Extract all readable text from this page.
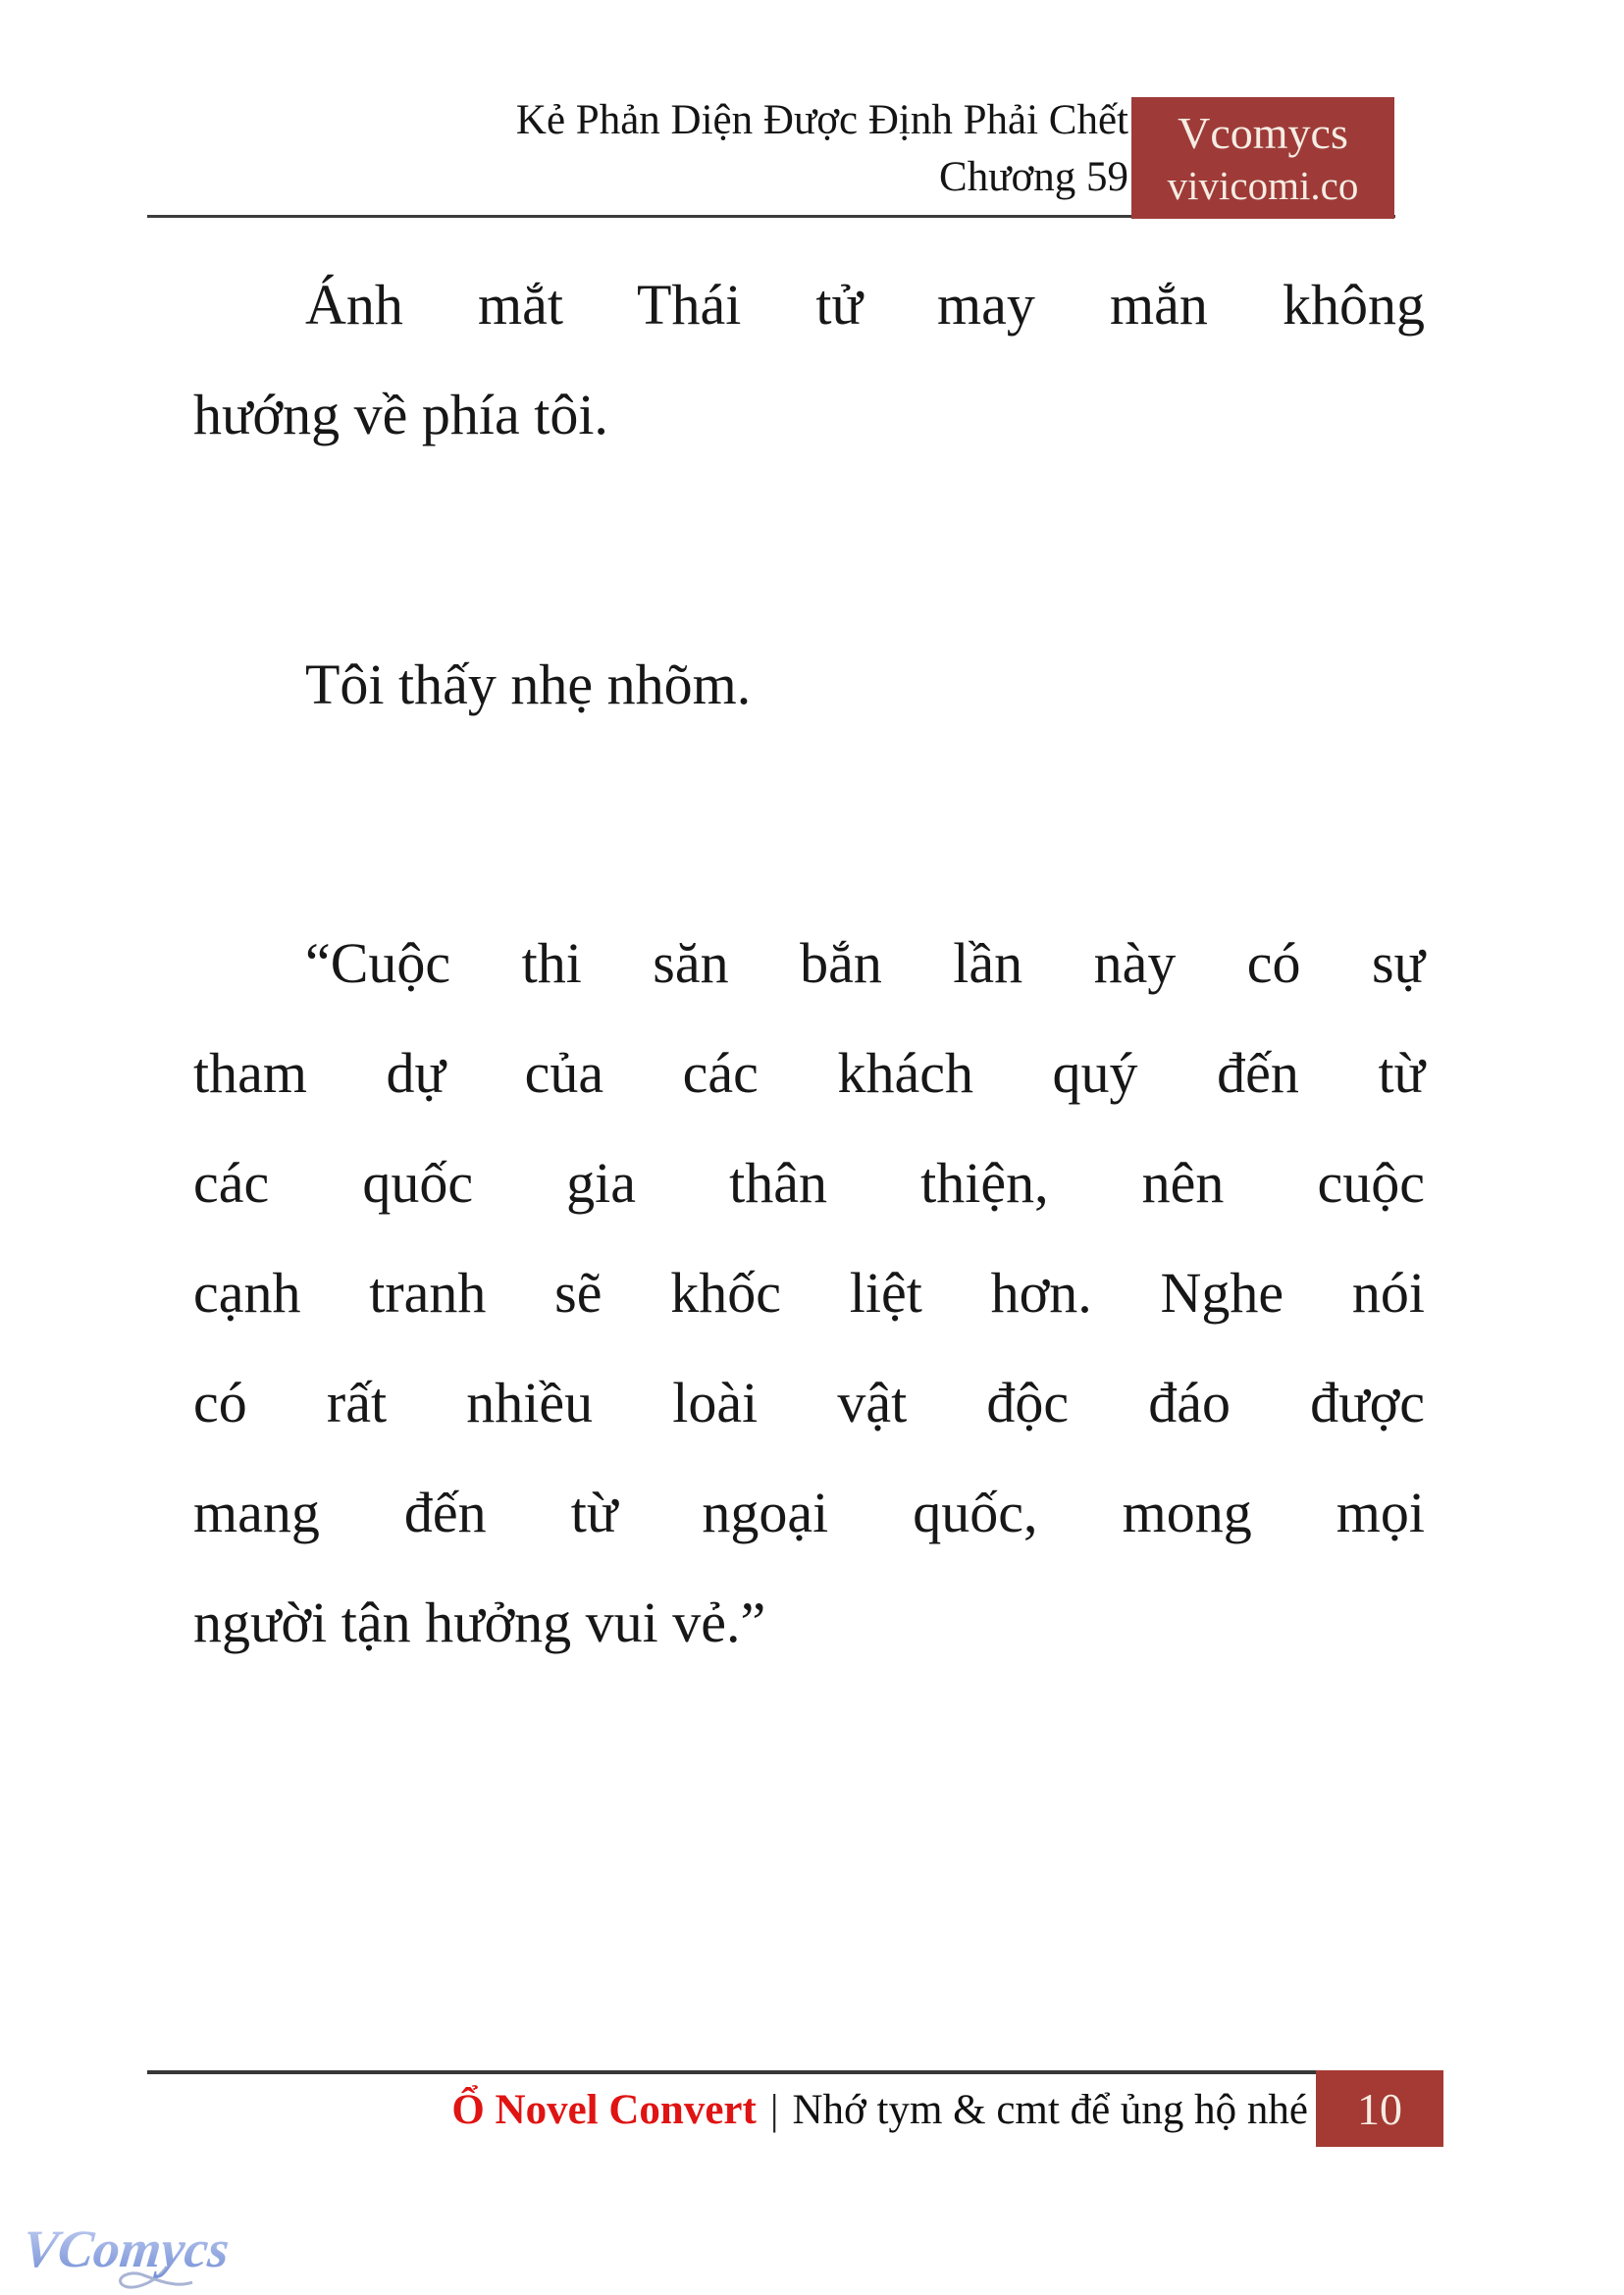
Kẻ Phản Diện Được Định Phải Chết
Chương 59
Vcomycs
vivicomi.co
Ánh mắt Thái tử may mắn không
hướng về phía tôi.
Tôi thấy nhẹ nhõm.
“Cuộc thi săn bắn lần này có sự
tham dự của các khách quý đến từ
các quốc gia thân thiện, nên cuộc
cạnh tranh sẽ khốc liệt hơn. Nghe nói
có rất nhiều loài vật độc đáo được
mang đến từ ngoại quốc, mong mọi
người tận hưởng vui vẻ.”
Ổ Novel Convert | Nhớ tym & cmt để ủng hộ nhé 10
VComycs
